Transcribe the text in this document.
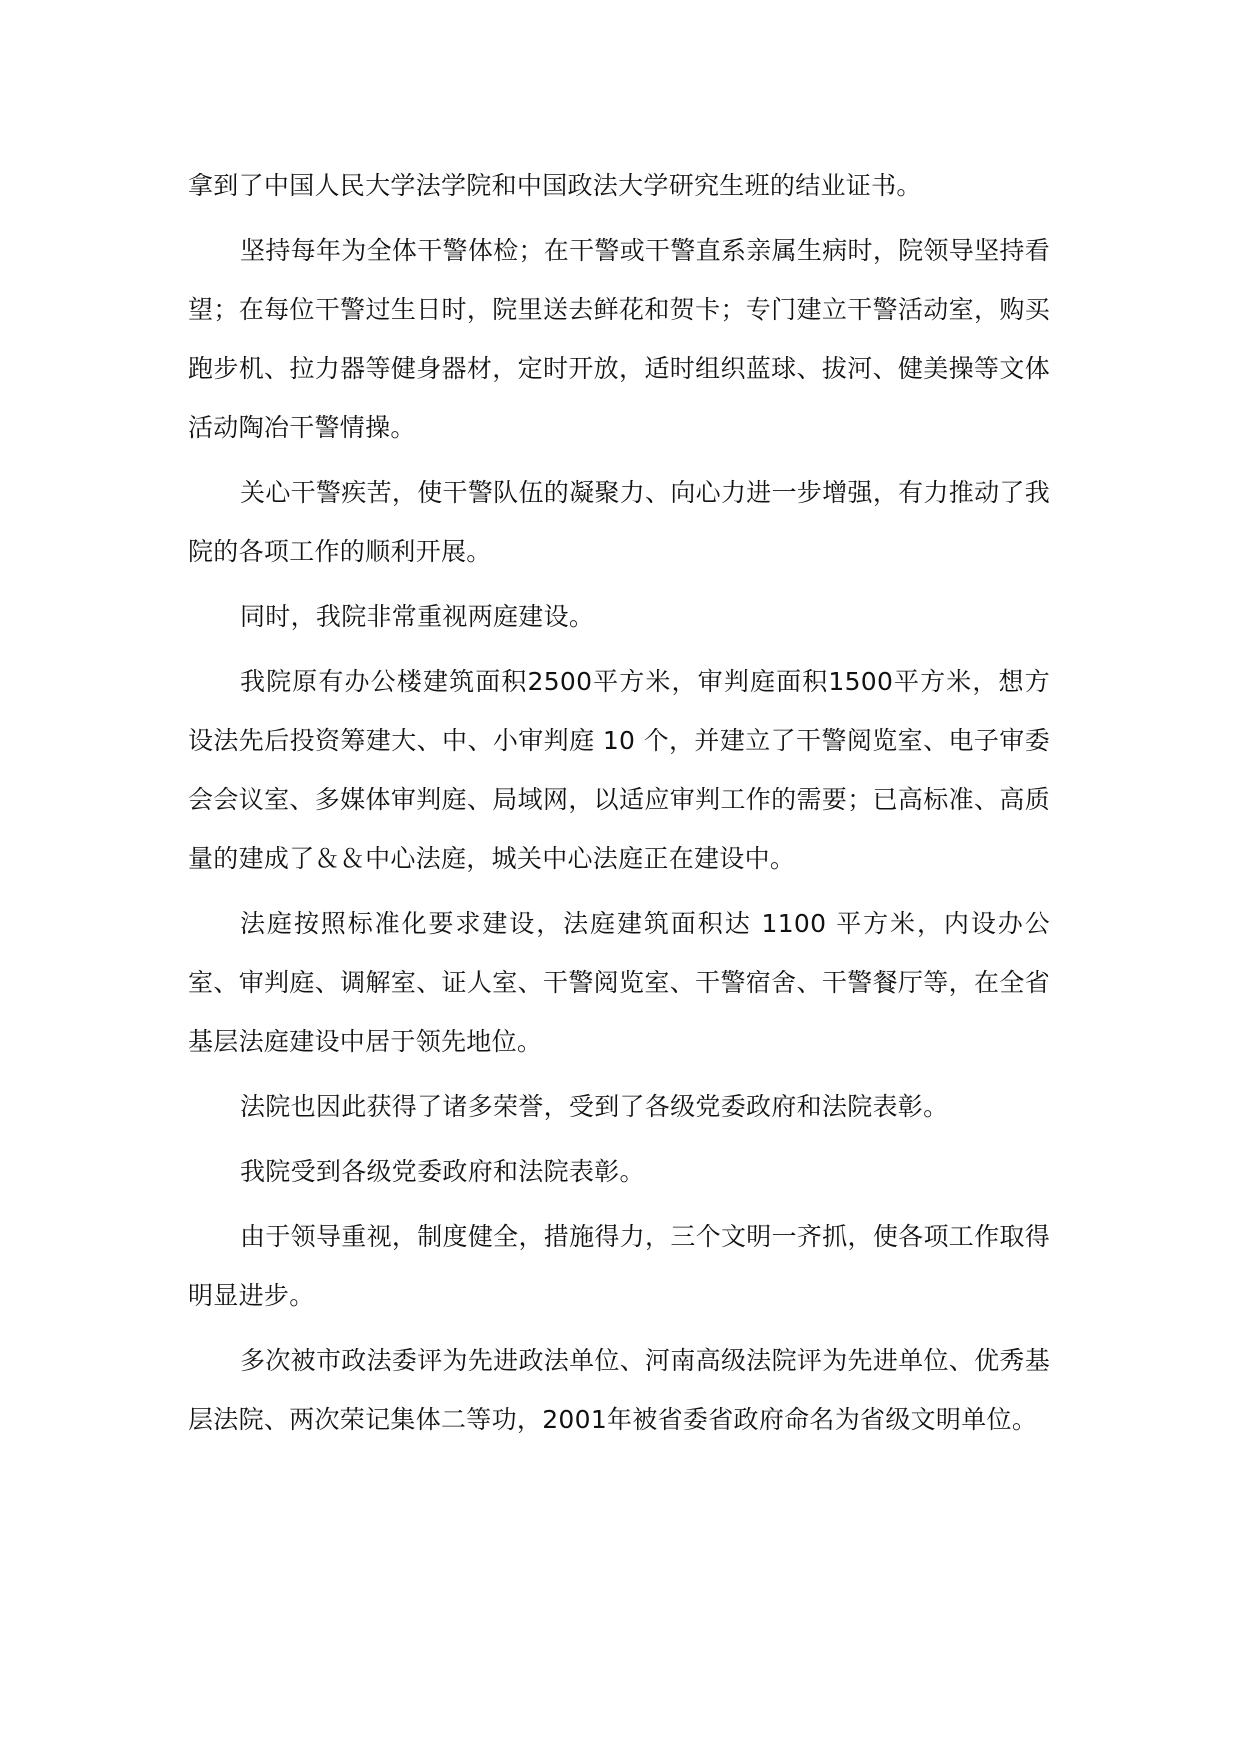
拿到了中国人民大学法学院和中国政法大学研究生班的结业证书。

坚持每年为全体干警体检；在干警或干警直系亲属生病时，院领导坚持看望；在每位干警过生日时，院里送去鲜花和贺卡；专门建立干警活动室，购买跑步机、拉力器等健身器材，定时开放，适时组织蓝球、拔河、健美操等文体活动陶冶干警情操。

关心干警疾苦，使干警队伍的凝聚力、向心力进一步增强，有力推动了我院的各项工作的顺利开展。

同时，我院非常重视两庭建设。

我院原有办公楼建筑面积2500平方米，审判庭面积1500平方米，想方设法先后投资筹建大、中、小审判庭 10 个，并建立了干警阅览室、电子审委会会议室、多媒体审判庭、局域网，以适应审判工作的需要；已高标准、高质量的建成了＆＆中心法庭，城关中心法庭正在建设中。

法庭按照标准化要求建设，法庭建筑面积达 1100 平方米，内设办公室、审判庭、调解室、证人室、干警阅览室、干警宿舍、干警餐厅等，在全省基层法庭建设中居于领先地位。

法院也因此获得了诸多荣誉，受到了各级党委政府和法院表彰。

我院受到各级党委政府和法院表彰。

由于领导重视，制度健全，措施得力，三个文明一齐抓，使各项工作取得明显进步。

多次被市政法委评为先进政法单位、河南高级法院评为先进单位、优秀基层法院、两次荣记集体二等功，2001年被省委省政府命名为省级文明单位。
